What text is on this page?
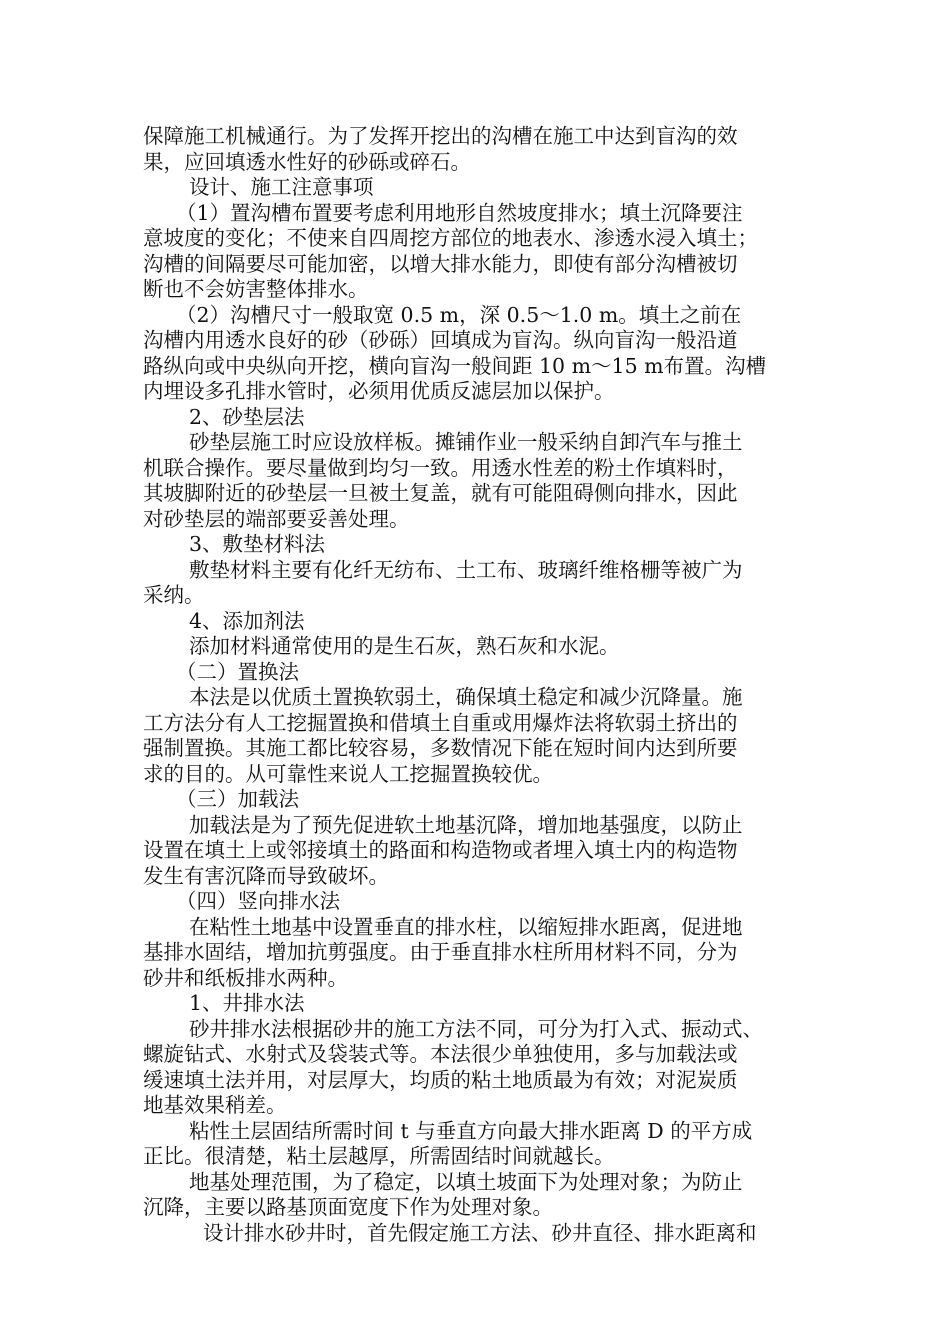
保障施工机械通行。为了发挥开挖出的沟槽在施工中达到盲沟的效
果，应回填透水性好的砂砾或碎石。
设计、施工注意事项
（1）置沟槽布置要考虑利用地形自然坡度排水；填土沉降要注
意坡度的变化；不使来自四周挖方部位的地表水、渗透水浸入填土；
沟槽的间隔要尽可能加密，以增大排水能力，即使有部分沟槽被切
断也不会妨害整体排水。
（2）沟槽尺寸一般取宽 0.5 m，深 0.5～1.0 m。填土之前在
沟槽内用透水良好的砂（砂砾）回填成为盲沟。纵向盲沟一般沿道
路纵向或中央纵向开挖，横向盲沟一般间距 10 m～15 m布置。沟槽
内埋设多孔排水管时，必须用优质反滤层加以保护。
2、砂垫层法
砂垫层施工时应设放样板。摊铺作业一般采纳自卸汽车与推土
机联合操作。要尽量做到均匀一致。用透水性差的粉土作填料时，
其坡脚附近的砂垫层一旦被土复盖，就有可能阻碍侧向排水，因此
对砂垫层的端部要妥善处理。
3、敷垫材料法
敷垫材料主要有化纤无纺布、土工布、玻璃纤维格栅等被广为
采纳。
4、添加剂法
添加材料通常使用的是生石灰，熟石灰和水泥。
（二）置换法
本法是以优质土置换软弱土，确保填土稳定和减少沉降量。施
工方法分有人工挖掘置换和借填土自重或用爆炸法将软弱土挤出的
强制置换。其施工都比较容易，多数情况下能在短时间内达到所要
求的目的。从可靠性来说人工挖掘置换较优。
（三）加载法
加载法是为了预先促进软土地基沉降，增加地基强度，以防止
设置在填土上或邻接填土的路面和构造物或者埋入填土内的构造物
发生有害沉降而导致破坏。
（四）竖向排水法
在粘性土地基中设置垂直的排水柱，以缩短排水距离，促进地
基排水固结，增加抗剪强度。由于垂直排水柱所用材料不同，分为
砂井和纸板排水两种。
1、井排水法
砂井排水法根据砂井的施工方法不同，可分为打入式、振动式、
螺旋钻式、水射式及袋装式等。本法很少单独使用，多与加载法或
缓速填土法并用，对层厚大，均质的粘土地质最为有效；对泥炭质
地基效果稍差。
粘性土层固结所需时间 t 与垂直方向最大排水距离 D 的平方成
正比。很清楚，粘土层越厚，所需固结时间就越长。
地基处理范围，为了稳定，以填土坡面下为处理对象；为防止
沉降，主要以路基顶面宽度下作为处理对象。
设计排水砂井时，首先假定施工方法、砂井直径、排水距离和
